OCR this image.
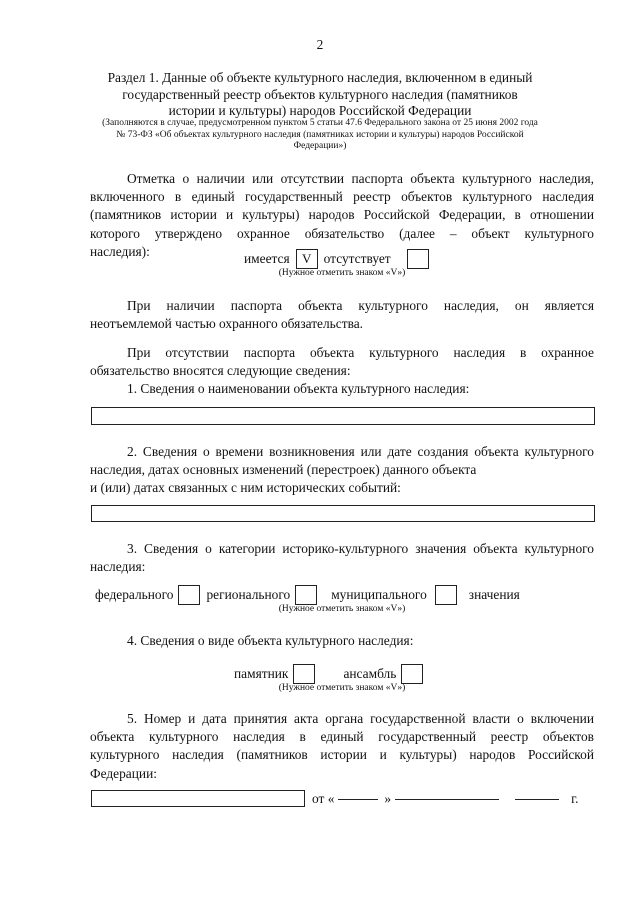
2
Раздел 1. Данные об объекте культурного наследия, включенном в единый
государственный реестр объектов культурного наследия (памятников
истории и культуры) народов Российской Федерации
(Заполняются в случае, предусмотренном пунктом 5 статьи 47.6 Федерального закона от 25 июня 2002 года
№ 73-ФЗ «Об объектах культурного наследия (памятниках истории и культуры) народов Российской
Федерации»)
Отметка о наличии или отсутствии паспорта объекта культурного наследия,
включенного в единый государственный реестр объектов культурного наследия
(памятников истории и культуры) народов Российской Федерации, в отношении
которого утверждено охранное обязательство (далее – объект культурного
наследия):	имеется V отсутствует
(Нужное отметить знаком «V»)
При наличии паспорта объекта культурного наследия, он является
неотъемлемой частью охранного обязательства.
При отсутствии паспорта объекта культурного наследия в охранное
обязательство вносятся следующие сведения:
1. Сведения о наименовании объекта культурного наследия:
2. Сведения о времени возникновения или дате создания объекта культурного
наследия, датах основных изменений (перестроек) данного объекта
и (или) датах связанных с ним исторических событий:
3. Сведения о категории историко-культурного значения объекта культурного
наследия:
федерального регионального	муниципального	значения
(Нужное отметить знаком «V»)
4. Сведения о виде объекта культурного наследия:
памятник	ансамбль
(Нужное отметить знаком «V»)
5. Номер и дата принятия акта органа государственной власти о включении
объекта культурного наследия в единый государственный реестр объектов
культурного наследия (памятников истории и культуры) народов Российской
Федерации:
от «	»	г.
